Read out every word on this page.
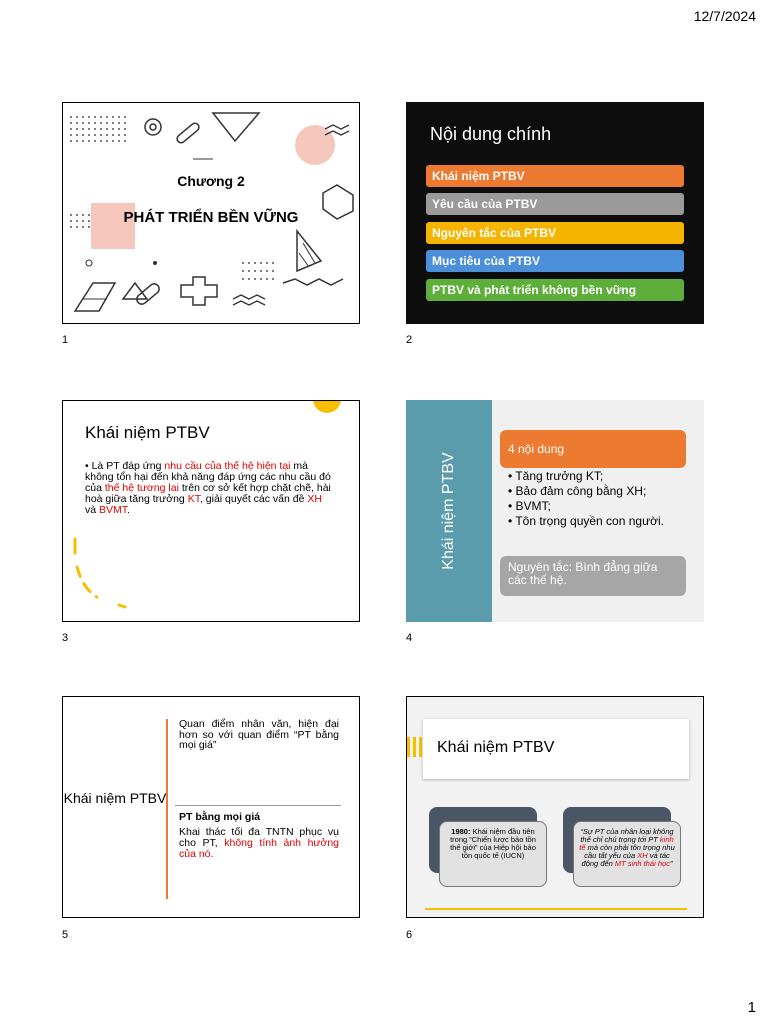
12/7/2024
Chương 2
PHÁT TRIỂN BỀN VỮNG
1
Nội dung chính
Khái niệm PTBV
Yêu cầu của PTBV
Nguyên tắc của PTBV
Mục tiêu của PTBV
PTBV và phát triển không bền vững
2
Khái niệm PTBV
• Là PT đáp ứng nhu cầu của thế hệ hiện tại mà không tổn hại đến khả năng đáp ứng các nhu cầu đó của thế hệ tương lai trên cơ sở kết hợp chặt chẽ, hài hoà giữa tăng trưởng KT, giải quyết các vấn đề XH và BVMT.
3
Khái niệm PTBV
4 nội dung
• Tăng trưởng KT;
• Bảo đảm công bằng XH;
• BVMT;
• Tôn trọng quyền con người.
Nguyên tắc: Bình đẳng giữa các thế hệ.
4
Khái niệm PTBV
Quan điểm nhân văn, hiện đại hơn so với quan điểm “PT bằng mọi giá”
PT bằng mọi giá
Khai thác tối đa TNTN phục vụ cho PT, không tính ảnh hưởng của nó.
5
Khái niệm PTBV
1980: Khái niệm đầu tiên trong “Chiến lược bảo tồn thế giới” của Hiệp hội bảo tồn quốc tế (IUCN)
“Sự PT của nhân loại không thể chỉ chú trọng tới PT kinh tế mà còn phải tôn trọng nhu cầu tất yếu của XH và tác động đến MT sinh thái học”
6
1
